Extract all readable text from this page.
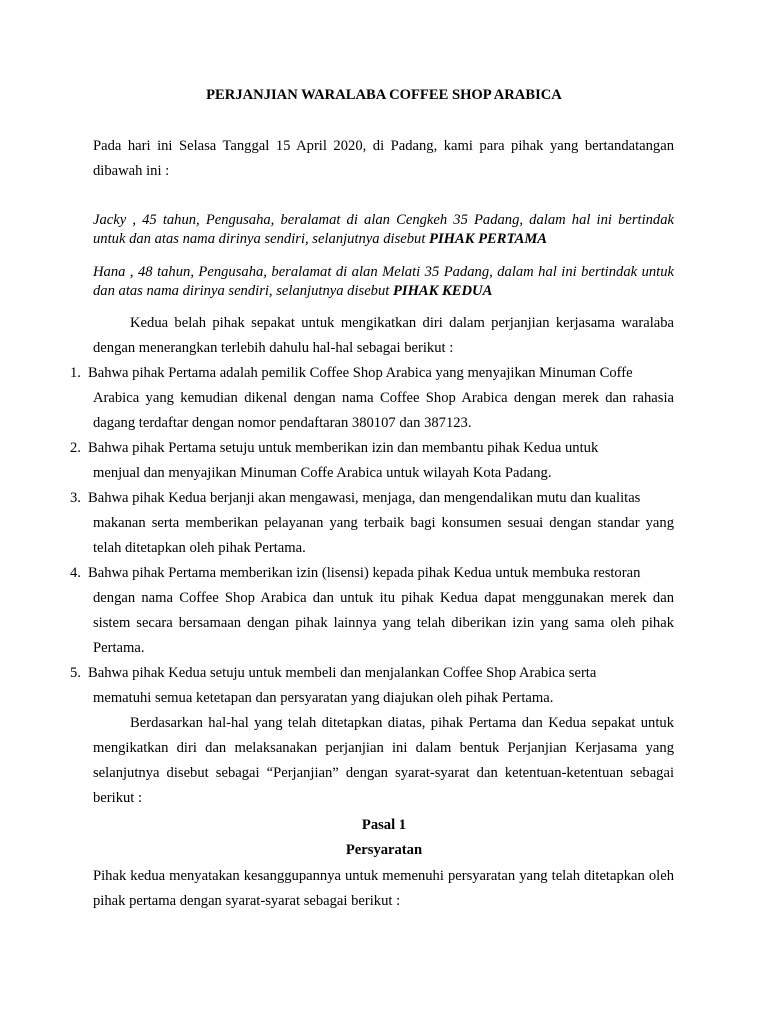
PERJANJIAN WARALABA COFFEE SHOP ARABICA
Pada hari ini Selasa Tanggal 15 April 2020, di Padang, kami para pihak yang bertandatangan dibawah ini :
Jacky , 45 tahun, Pengusaha, beralamat di alan Cengkeh 35 Padang, dalam hal ini bertindak untuk dan atas nama dirinya sendiri, selanjutnya disebut PIHAK PERTAMA
Hana , 48 tahun, Pengusaha, beralamat di alan Melati 35 Padang, dalam hal ini bertindak untuk dan atas nama dirinya sendiri, selanjutnya disebut PIHAK KEDUA
Kedua belah pihak sepakat untuk mengikatkan diri dalam perjanjian kerjasama waralaba dengan menerangkan terlebih dahulu hal-hal sebagai berikut :
1. Bahwa pihak Pertama adalah pemilik Coffee Shop Arabica yang menyajikan Minuman Coffe
Arabica yang kemudian dikenal dengan nama Coffee Shop Arabica dengan merek dan rahasia dagang terdaftar dengan nomor pendaftaran 380107 dan 387123.
2. Bahwa pihak Pertama setuju untuk memberikan izin dan membantu pihak Kedua untuk
menjual dan menyajikan Minuman Coffe Arabica untuk wilayah Kota Padang.
3. Bahwa pihak Kedua berjanji akan mengawasi, menjaga, dan mengendalikan mutu dan kualitas
makanan serta memberikan pelayanan yang terbaik bagi konsumen sesuai dengan standar yang telah ditetapkan oleh pihak Pertama.
4. Bahwa pihak Pertama memberikan izin (lisensi) kepada pihak Kedua untuk membuka restoran
dengan nama Coffee Shop Arabica dan untuk itu pihak Kedua dapat menggunakan merek dan sistem secara bersamaan dengan pihak lainnya yang telah diberikan izin yang sama oleh pihak Pertama.
5. Bahwa pihak Kedua setuju untuk membeli dan menjalankan Coffee Shop Arabica serta
mematuhi semua ketetapan dan persyaratan yang diajukan oleh pihak Pertama.
Berdasarkan hal-hal yang telah ditetapkan diatas, pihak Pertama dan Kedua sepakat untuk mengikatkan diri dan melaksanakan perjanjian ini dalam bentuk Perjanjian Kerjasama yang selanjutnya disebut sebagai “Perjanjian” dengan syarat-syarat dan ketentuan-ketentuan sebagai berikut :
Pasal 1
Persyaratan
Pihak kedua menyatakan kesanggupannya untuk memenuhi persyaratan yang telah ditetapkan oleh pihak pertama dengan syarat-syarat sebagai berikut :
